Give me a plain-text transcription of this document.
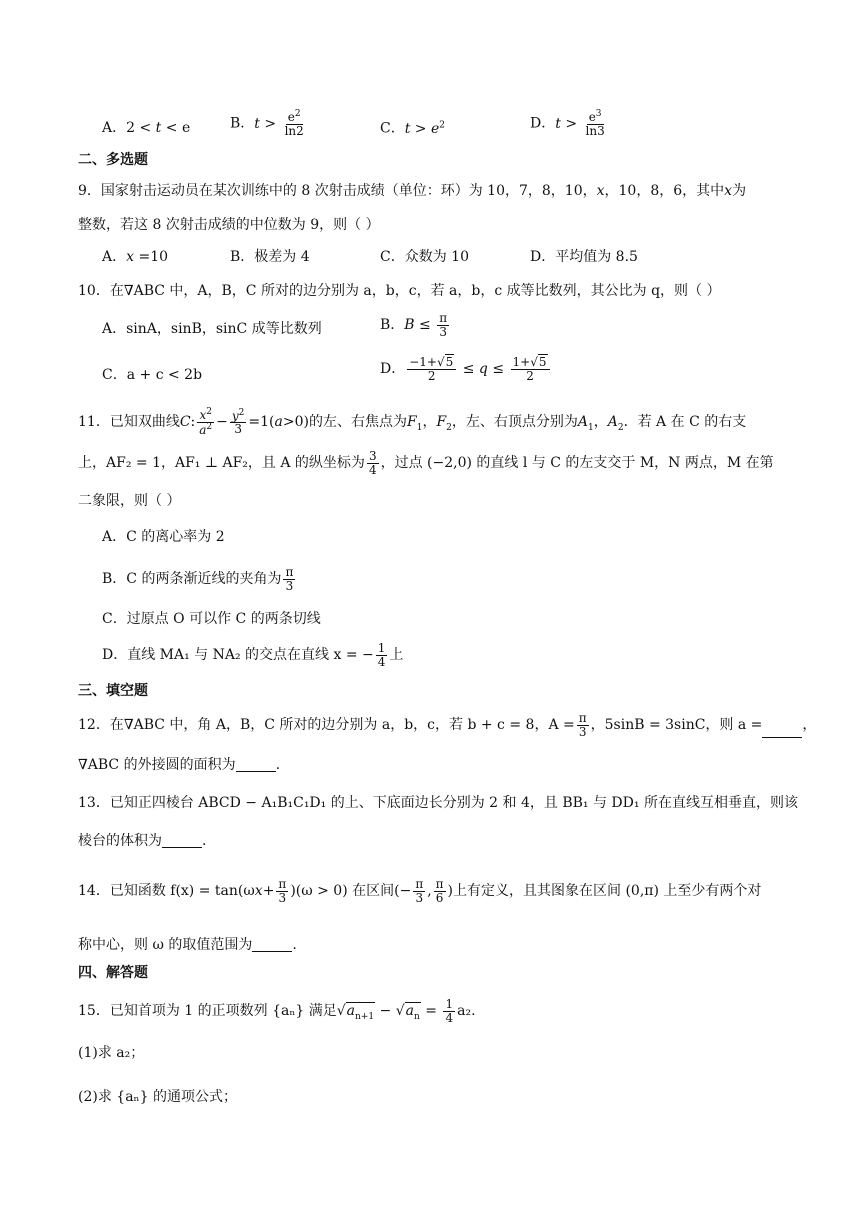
A．2 < t < e	B．$t > \frac{e^2}{\ln 2}$	C．$t > e^2$	D．$t > \frac{e^3}{\ln 3}$
二、多选题
9．国家射击运动员在某次训练中的 8 次射击成绩（单位：环）为 10，7，8，10，x，10，8，6，其中x为
整数，若这 8 次射击成绩的中位数为 9，则（ ）
A．x =10	B．极差为 4	C．众数为 10	D．平均值为 8.5
10．在∇ABC 中，A，B，C 所对的边分别为 a，b，c，若 a，b，c 成等比数列，其公比为 q，则（ ）
A．sinA，sinB，sinC 成等比数列	B．$B \le \frac{\pi}{3}$
C．a + c < 2b	D． $\frac{-1+√5}{2} \le q \le \frac{1+√5}{2}$
11．已知双曲线C: $\frac{x^2}{a^2} - \frac{y^2}{3} =1(a>0)$的左、右焦点为$F_1$，$F_2$，左、右顶点分别为$A_1$，$A_2$．若 A 在 C 的右支
上，AF₂ = 1，AF₁ ⊥ AF₂，且 A 的纵坐标为 $\frac{3}{4}$ ，过点 (−2,0) 的直线 l 与 C 的左支交于 M，N 两点，M 在第
二象限，则（ ）
A．C 的离心率为 2
B．C 的两条渐近线的夹角为 $\frac{\pi}{3}$
C．过原点 O 可以作 C 的两条切线
D．直线 MA₁ 与 NA₂ 的交点在直线 x = − $\frac{1}{4}$ 上
三、填空题
12．在∇ABC 中，角 A，B，C 所对的边分别为 a，b，c，若 b + c = 8，$A = \frac{\pi}{3}$ ，5sinB = 3sinC，则 a =	，
∇ABC 的外接圆的面积为	.
13．已知正四棱台 ABCD − A₁B₁C₁D₁ 的上、下底面边长分别为 2 和 4，且 BB₁ 与 DD₁ 所在直线互相垂直，则该
棱台的体积为	.
14．已知函数 $f(x) = \tan(\omega x+ \frac{\pi}{3} )(\omega > 0)$ 在区间(− $\frac{\pi}{3}$ , $\frac{\pi}{6}$ )上有定义，且其图象在区间 (0,π) 上至少有两个对
称中心，则 ω 的取值范围为	.
四、解答题
15．已知首项为 1 的正项数列 {aₙ} 满足$√a_{n+1} - √a_n = \frac{1}{4} a_2$.
(1)求 a₂；
(2)求 {aₙ} 的通项公式；
